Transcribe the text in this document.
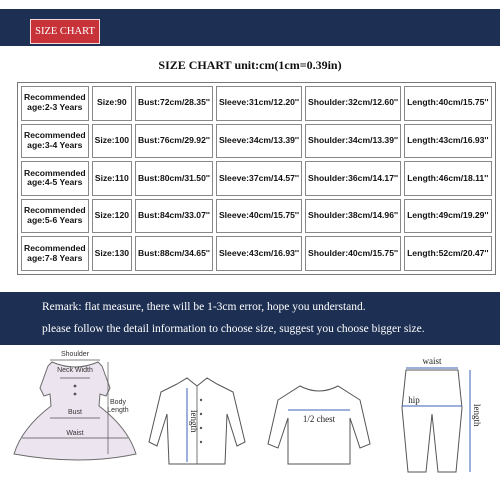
SIZE CHART
SIZE CHART unit:cm(1cm=0.39in)
Recommended age:2-3 Years	Size:90	Bust:72cm/28.35''	Sleeve:31cm/12.20''	Shoulder:32cm/12.60''	Length:40cm/15.75''
Recommended age:3-4 Years	Size:100	Bust:76cm/29.92''	Sleeve:34cm/13.39''	Shoulder:34cm/13.39''	Length:43cm/16.93''
Recommended age:4-5 Years	Size:110	Bust:80cm/31.50''	Sleeve:37cm/14.57''	Shoulder:36cm/14.17''	Length:46cm/18.11''
Recommended age:5-6 Years	Size:120	Bust:84cm/33.07''	Sleeve:40cm/15.75''	Shoulder:38cm/14.96''	Length:49cm/19.29''
Recommended age:7-8 Years	Size:130	Bust:88cm/34.65''	Sleeve:43cm/16.93''	Shoulder:40cm/15.75''	Length:52cm/20.47''
Remark: flat measure, there will be 1-3cm error, hope you understand.
please follow the detail information to choose size, suggest you choose bigger size.
Shoulder
Neck Width
Bust
Waist
Body
Length	length	1/2 chest
waist
hip
length
